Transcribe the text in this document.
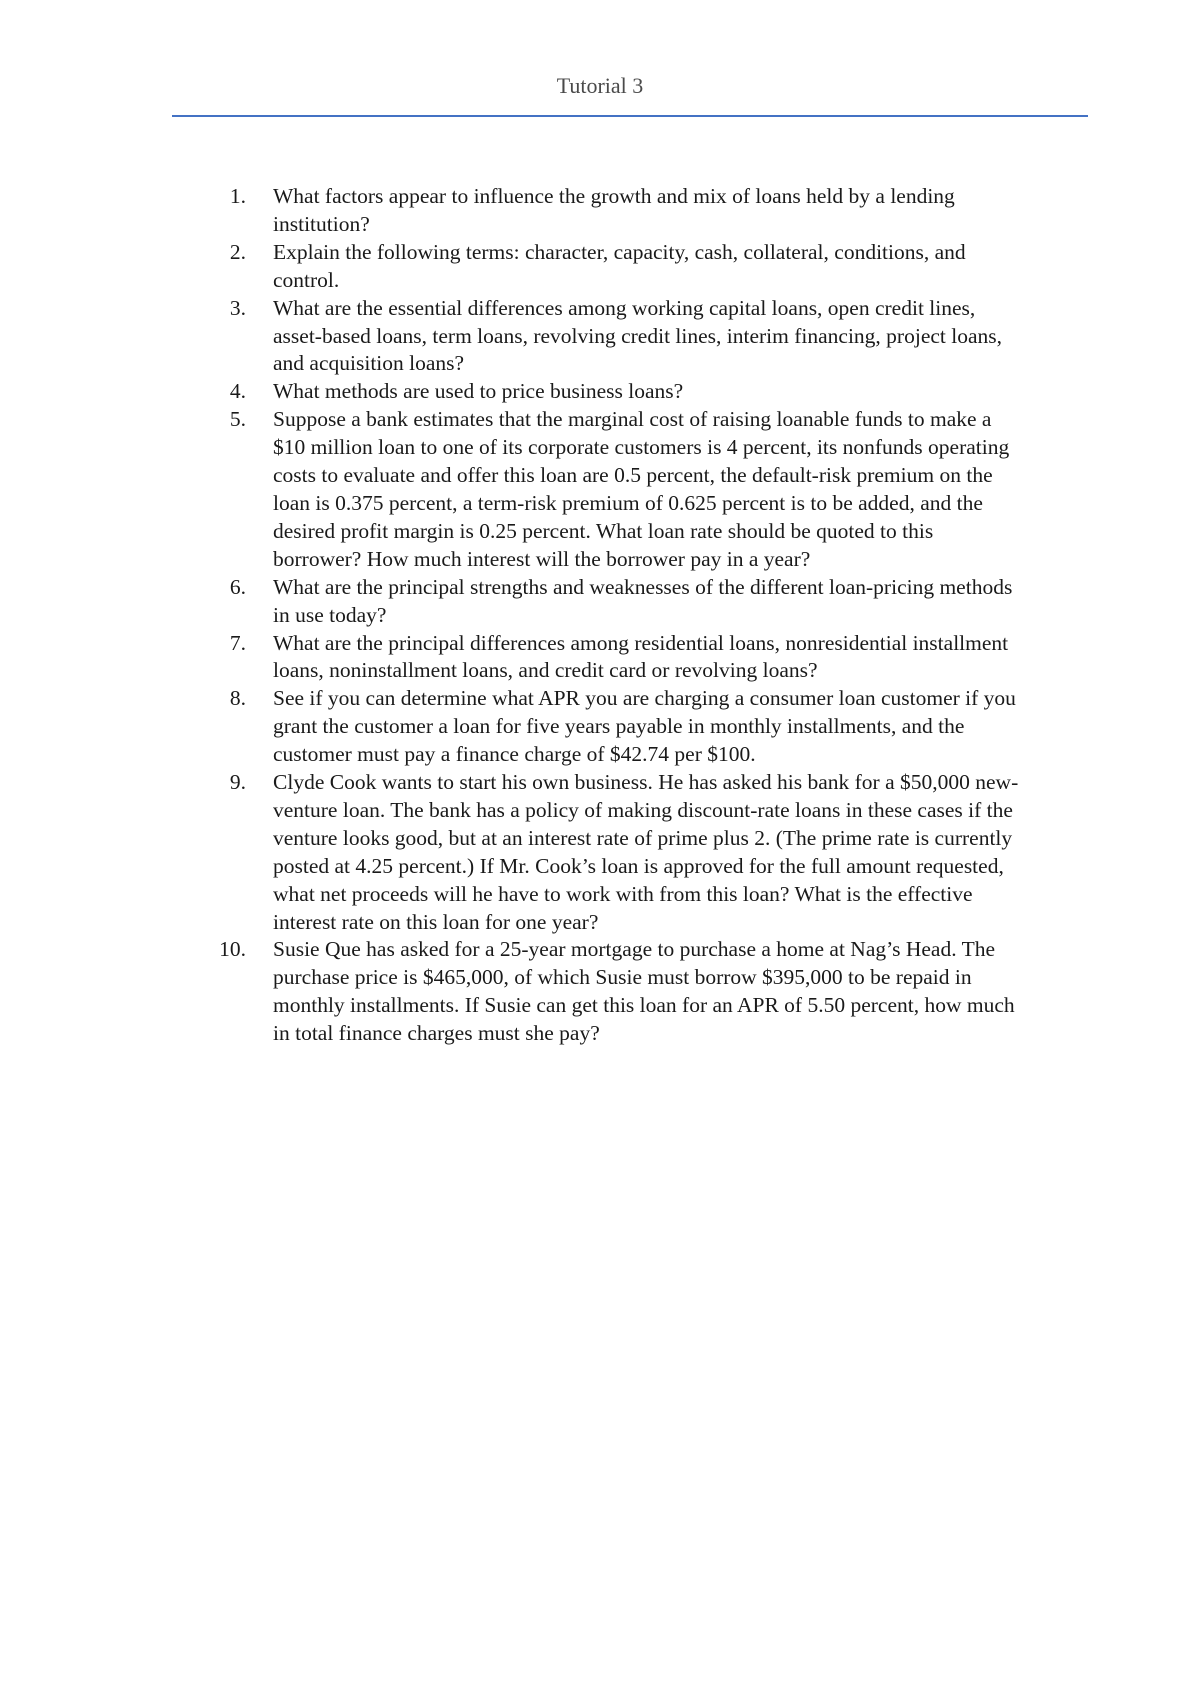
Tutorial 3
1. What factors appear to influence the growth and mix of loans held by a lending
institution?
2. Explain the following terms: character, capacity, cash, collateral, conditions, and
control.
3. What are the essential differences among working capital loans, open credit lines,
asset-based loans, term loans, revolving credit lines, interim financing, project loans,
and acquisition loans?
4. What methods are used to price business loans?
5. Suppose a bank estimates that the marginal cost of raising loanable funds to make a
$10 million loan to one of its corporate customers is 4 percent, its nonfunds operating
costs to evaluate and offer this loan are 0.5 percent, the default-risk premium on the
loan is 0.375 percent, a term-risk premium of 0.625 percent is to be added, and the
desired profit margin is 0.25 percent. What loan rate should be quoted to this
borrower? How much interest will the borrower pay in a year?
6. What are the principal strengths and weaknesses of the different loan-pricing methods
in use today?
7. What are the principal differences among residential loans, nonresidential installment
loans, noninstallment loans, and credit card or revolving loans?
8. See if you can determine what APR you are charging a consumer loan customer if you
grant the customer a loan for five years payable in monthly installments, and the
customer must pay a finance charge of $42.74 per $100.
9. Clyde Cook wants to start his own business. He has asked his bank for a $50,000 new-
venture loan. The bank has a policy of making discount-rate loans in these cases if the
venture looks good, but at an interest rate of prime plus 2. (The prime rate is currently
posted at 4.25 percent.) If Mr. Cook’s loan is approved for the full amount requested,
what net proceeds will he have to work with from this loan? What is the effective
interest rate on this loan for one year?
10. Susie Que has asked for a 25-year mortgage to purchase a home at Nag’s Head. The
purchase price is $465,000, of which Susie must borrow $395,000 to be repaid in
monthly installments. If Susie can get this loan for an APR of 5.50 percent, how much
in total finance charges must she pay?
